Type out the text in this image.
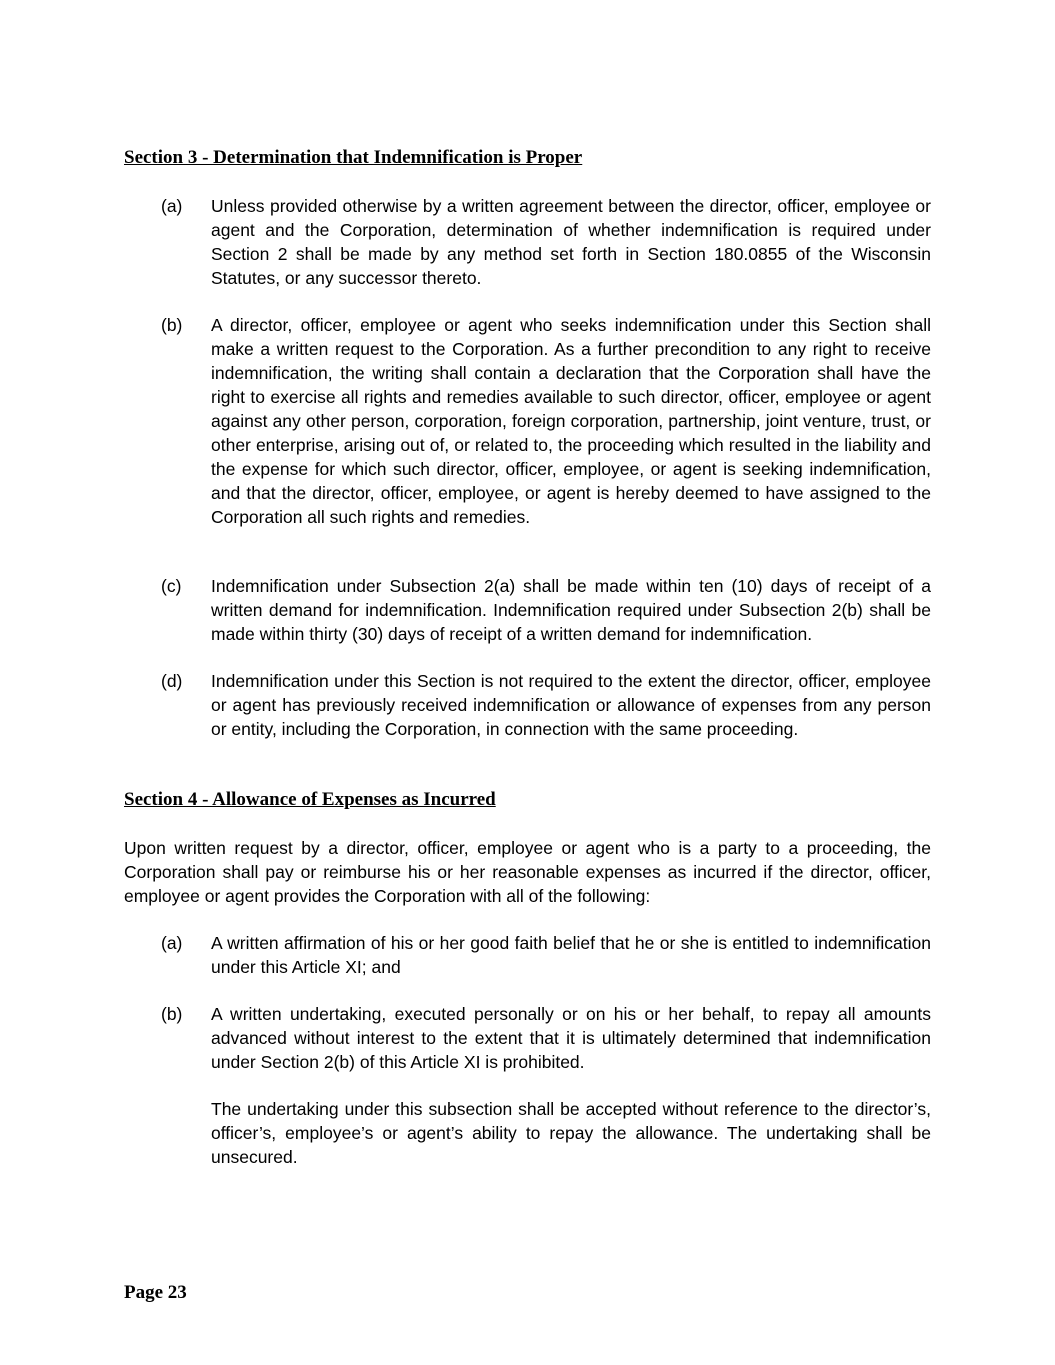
Section 3 - Determination that Indemnification is Proper
(a)	Unless provided otherwise by a written agreement between the director, officer, employee or agent and the Corporation, determination of whether indemnification is required under Section 2 shall be made by any method set forth in Section 180.0855 of the Wisconsin Statutes, or any successor thereto.
(b)	A director, officer, employee or agent who seeks indemnification under this Section shall make a written request to the Corporation. As a further precondition to any right to receive indemnification, the writing shall contain a declaration that the Corporation shall have the right to exercise all rights and remedies available to such director, officer, employee or agent against any other person, corporation, foreign corporation, partnership, joint venture, trust, or other enterprise, arising out of, or related to, the proceeding which resulted in the liability and the expense for which such director, officer, employee, or agent is seeking indemnification, and that the director, officer, employee, or agent is hereby deemed to have assigned to the Corporation all such rights and remedies.
(c)	Indemnification under Subsection 2(a) shall be made within ten (10) days of receipt of a written demand for indemnification. Indemnification required under Subsection 2(b) shall be made within thirty (30) days of receipt of a written demand for indemnification.
(d)	Indemnification under this Section is not required to the extent the director, officer, employee or agent has previously received indemnification or allowance of expenses from any person or entity, including the Corporation, in connection with the same proceeding.
Section 4 - Allowance of Expenses as Incurred
Upon written request by a director, officer, employee or agent who is a party to a proceeding, the Corporation shall pay or reimburse his or her reasonable expenses as incurred if the director, officer, employee or agent provides the Corporation with all of the following:
(a)	A written affirmation of his or her good faith belief that he or she is entitled to indemnification under this Article XI; and
(b)	A written undertaking, executed personally or on his or her behalf, to repay all amounts advanced without interest to the extent that it is ultimately determined that indemnification under Section 2(b) of this Article XI is prohibited.
The undertaking under this subsection shall be accepted without reference to the director’s, officer’s, employee’s or agent’s ability to repay the allowance. The undertaking shall be unsecured.
Page 23
